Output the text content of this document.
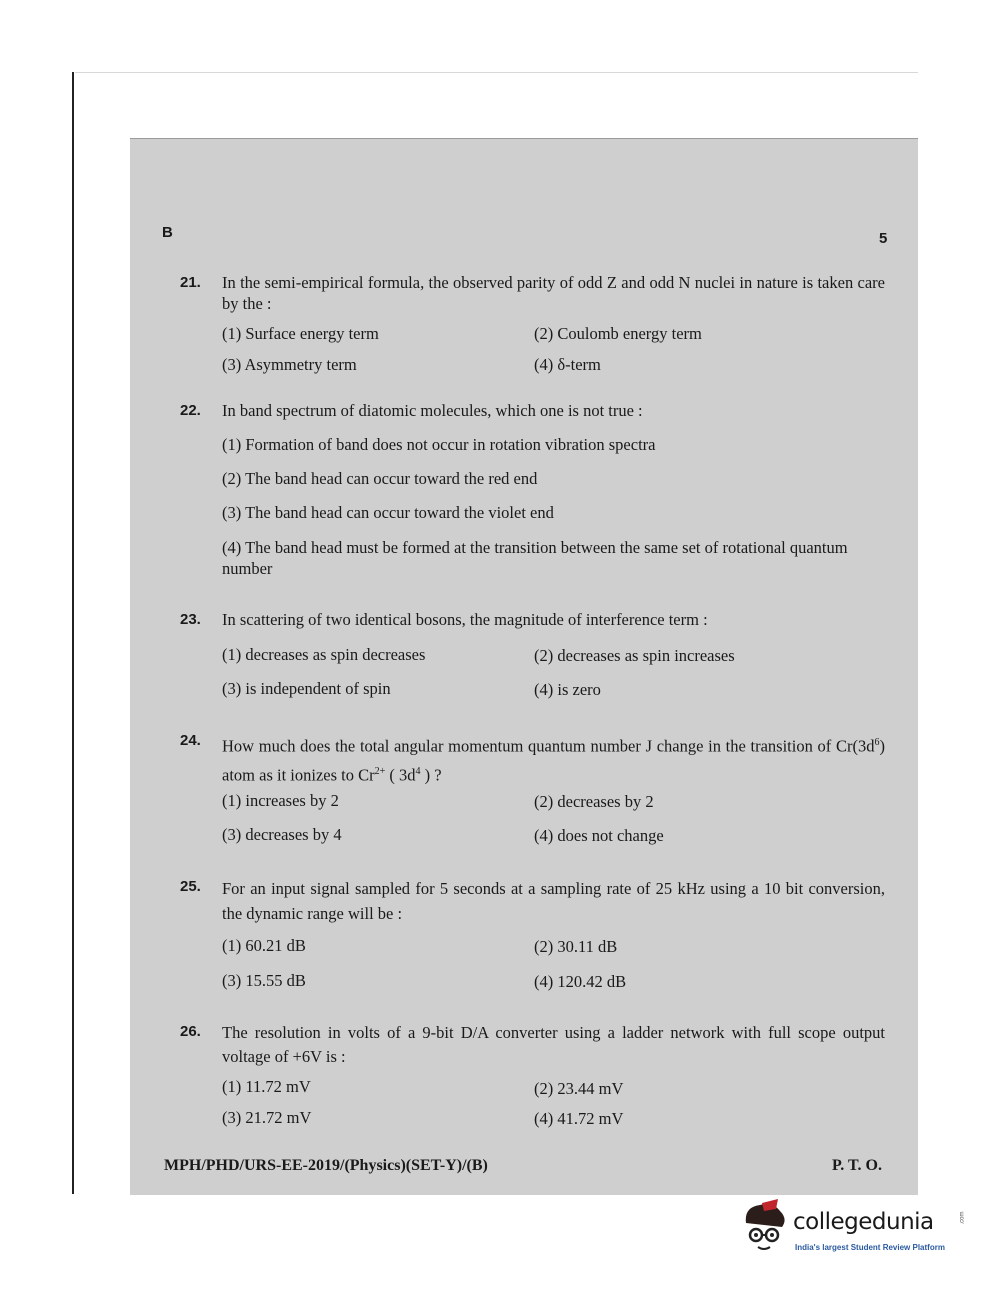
B	5
21. In the semi-empirical formula, the observed parity of odd Z and odd N nuclei in nature is taken care by the :
(1) Surface energy term	(2) Coulomb energy term
(3) Asymmetry term	(4) δ-term
22. In band spectrum of diatomic molecules, which one is not true :
(1) Formation of band does not occur in rotation vibration spectra
(2) The band head can occur toward the red end
(3) The band head can occur toward the violet end
(4) The band head must be formed at the transition between the same set of rotational quantum number
23. In scattering of two identical bosons, the magnitude of interference term :
(1) decreases as spin decreases	(2) decreases as spin increases
(3) is independent of spin	(4) is zero
24. How much does the total angular momentum quantum number J change in the transition of $Cr(3d^6)$ atom as it ionizes to $Cr^{2+}$ ( $3d^4$ ) ?
(1) increases by 2	(2) decreases by 2
(3) decreases by 4	(4) does not change
25. For an input signal sampled for 5 seconds at a sampling rate of 25 kHz using a 10 bit conversion, the dynamic range will be :
(1) 60.21 dB	(2) 30.11 dB
(3) 15.55 dB	(4) 120.42 dB
26. The resolution in volts of a 9-bit D/A converter using a ladder network with full scope output voltage of +6V is :
(1) 11.72 mV	(2) 23.44 mV
(3) 21.72 mV	(4) 41.72 mV
MPH/PHD/URS-EE-2019/(Physics)(SET-Y)/(B)	P. T. O.
collegedunia	.com
India's largest Student Review Platform
